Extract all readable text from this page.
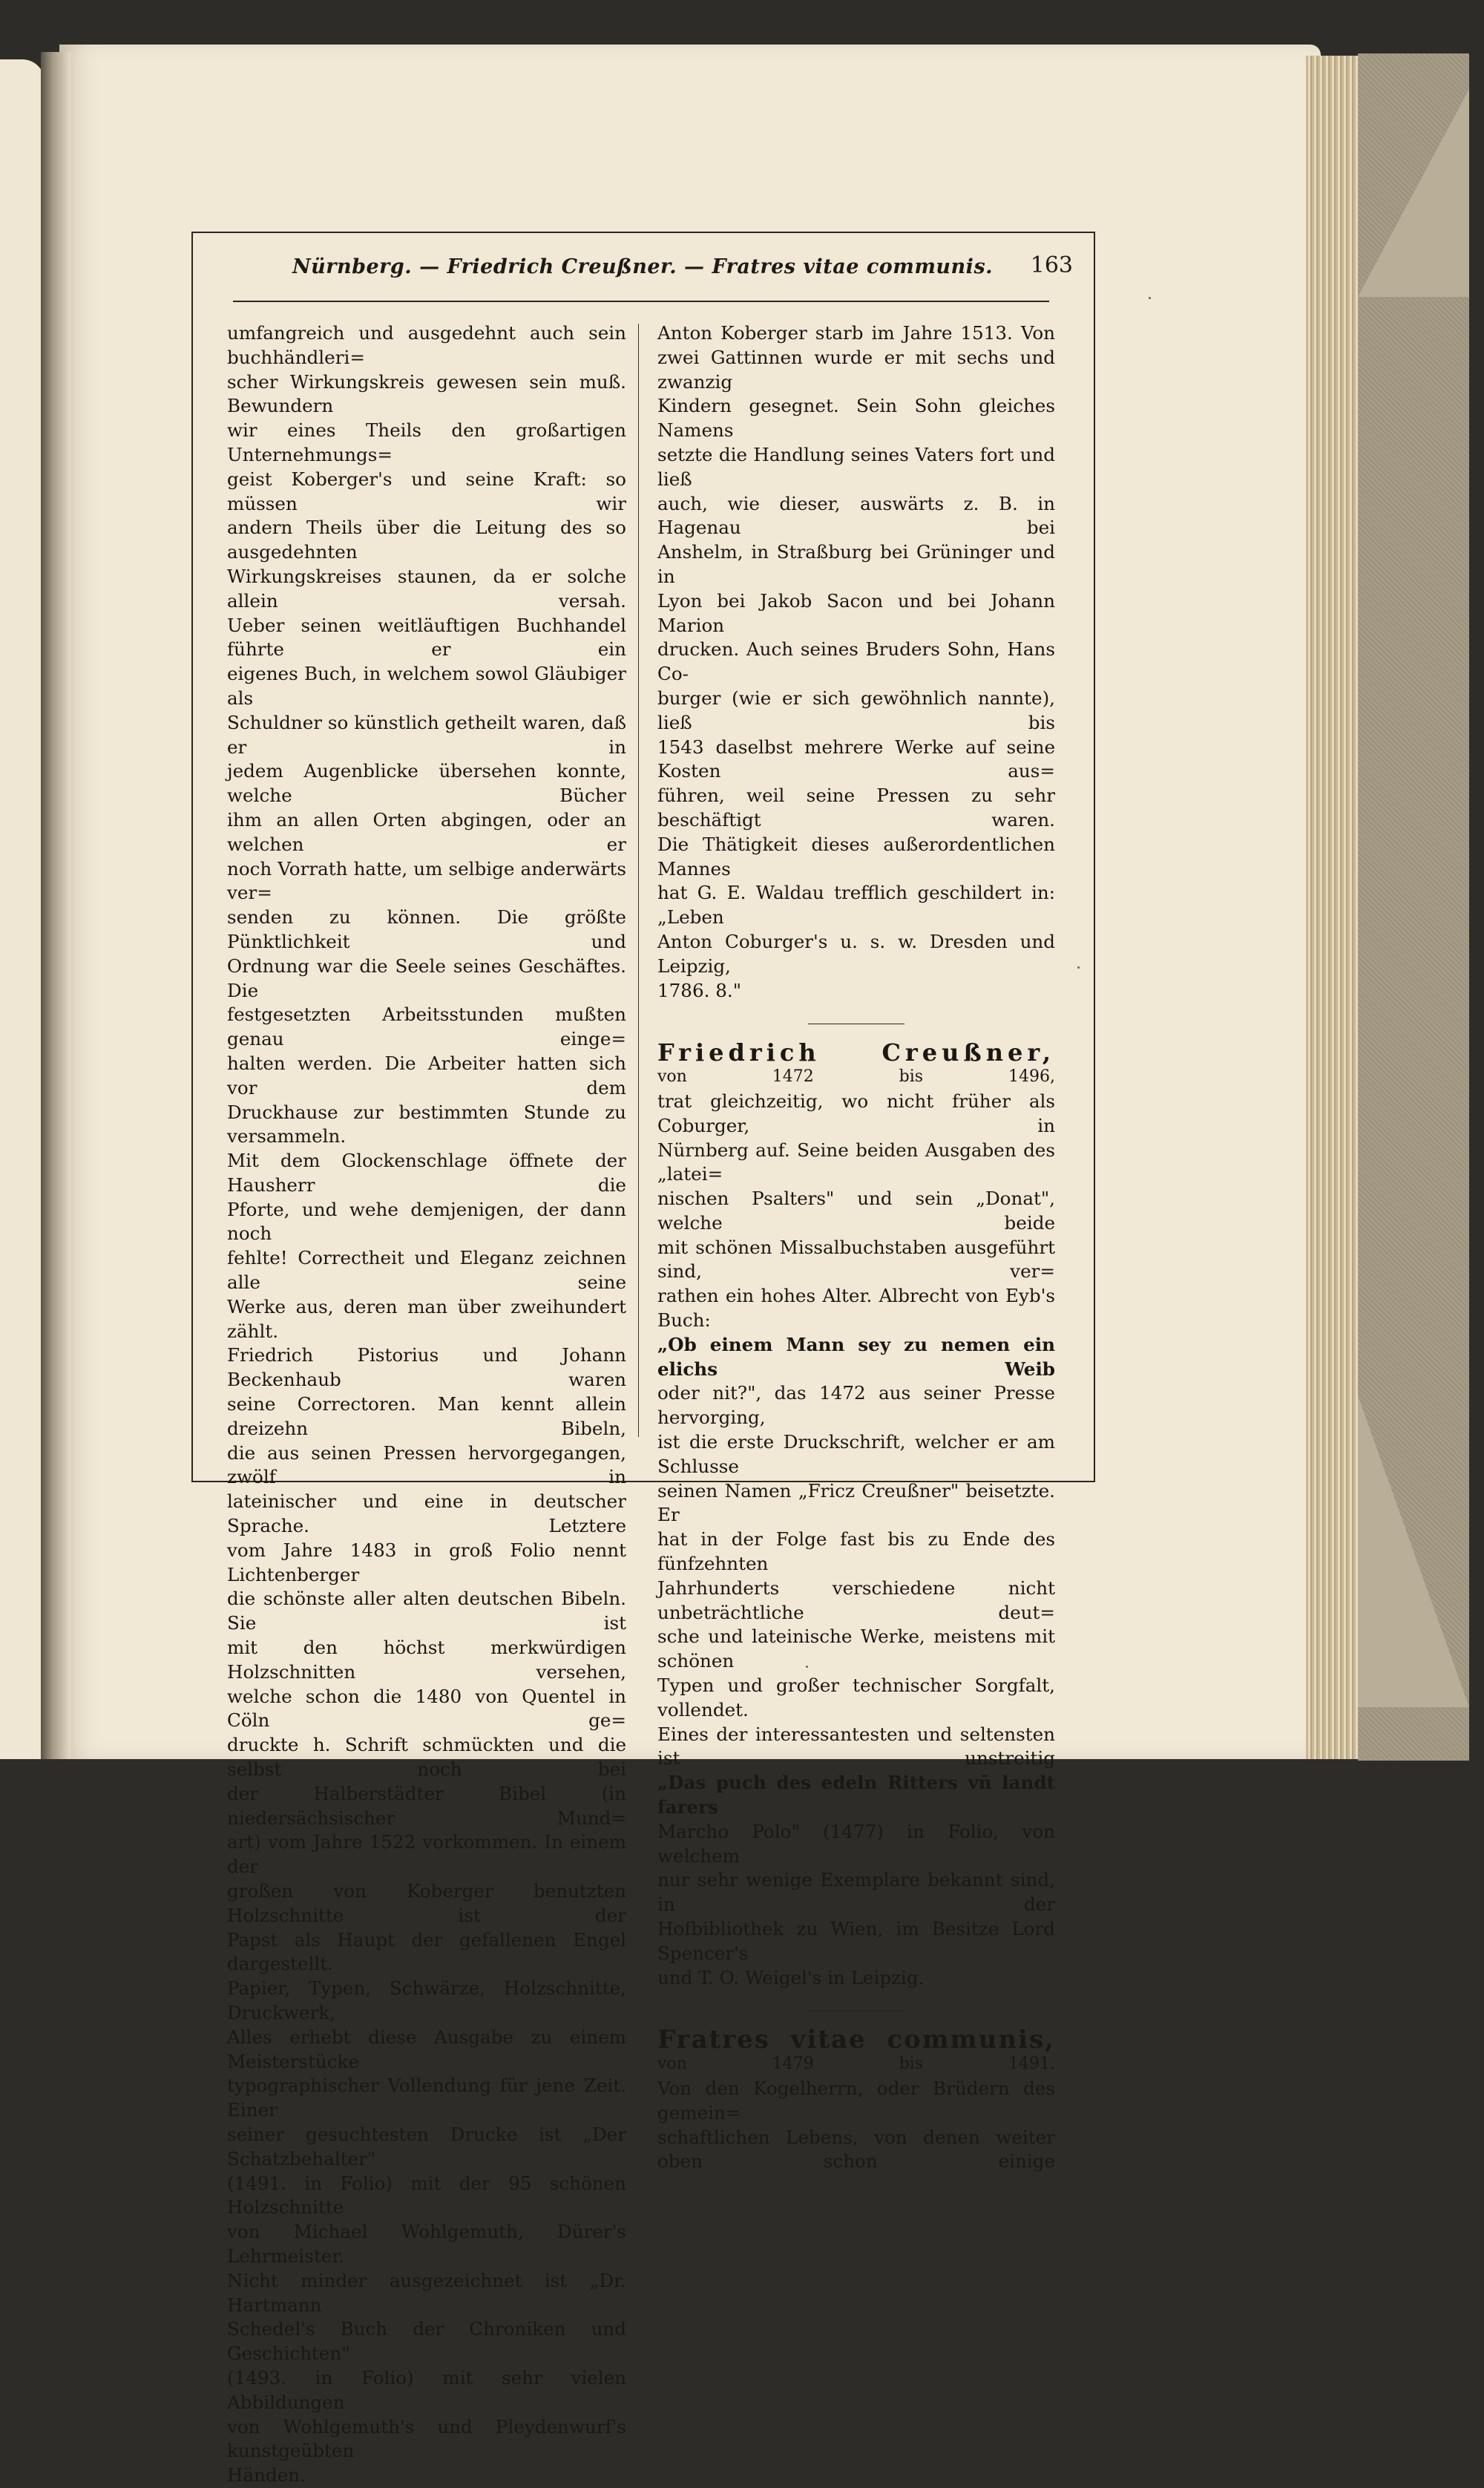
Nürnberg. — Friedrich Creußner. — Fratres vitae communis.	163

umfangreich und ausgedehnt auch sein buchhändleri=

scher Wirkungskreis gewesen sein muß. Bewundern

wir eines Theils den großartigen Unternehmungs=

geist Koberger's und seine Kraft: so müssen wir

andern Theils über die Leitung des so ausgedehnten

Wirkungskreises staunen, da er solche allein versah.

Ueber seinen weitläuftigen Buchhandel führte er ein

eigenes Buch, in welchem sowol Gläubiger als

Schuldner so künstlich getheilt waren, daß er in

jedem Augenblicke übersehen konnte, welche Bücher

ihm an allen Orten abgingen, oder an welchen er

noch Vorrath hatte, um selbige anderwärts ver=

senden zu können. Die größte Pünktlichkeit und

Ordnung war die Seele seines Geschäftes. Die

festgesetzten Arbeitsstunden mußten genau einge=

halten werden. Die Arbeiter hatten sich vor dem

Druckhause zur bestimmten Stunde zu versammeln.

Mit dem Glockenschlage öffnete der Hausherr die

Pforte, und wehe demjenigen, der dann noch

fehlte! Correctheit und Eleganz zeichnen alle seine

Werke aus, deren man über zweihundert zählt.

Friedrich Pistorius und Johann Beckenhaub waren

seine Correctoren. Man kennt allein dreizehn Bibeln,

die aus seinen Pressen hervorgegangen, zwölf in

lateinischer und eine in deutscher Sprache. Letztere

vom Jahre 1483 in groß Folio nennt Lichtenberger

die schönste aller alten deutschen Bibeln. Sie ist

mit den höchst merkwürdigen Holzschnitten versehen,

welche schon die 1480 von Quentel in Cöln ge=

druckte h. Schrift schmückten und die selbst noch bei

der Halberstädter Bibel (in niedersächsischer Mund=

art) vom Jahre 1522 vorkommen. In einem der

großen von Koberger benutzten Holzschnitte ist der

Papst als Haupt der gefallenen Engel dargestellt.

Papier, Typen, Schwärze, Holzschnitte, Druckwerk,

Alles erhebt diese Ausgabe zu einem Meisterstücke

typographischer Vollendung für jene Zeit. Einer

seiner gesuchtesten Drucke ist „Der Schatzbehalter"

(1491. in Folio) mit der 95 schönen Holzschnitte

von Michael Wohlgemuth, Dürer's Lehrmeister.

Nicht minder ausgezeichnet ist „Dr. Hartmann

Schedel's Buch der Chroniken und Geschichten"

(1493. in Folio) mit sehr vielen Abbildungen

von Wohlgemuth's und Pleydenwurf's kunstgeübten

Händen.

Anton Koberger starb im Jahre 1513. Von

zwei Gattinnen wurde er mit sechs und zwanzig

Kindern gesegnet. Sein Sohn gleiches Namens

setzte die Handlung seines Vaters fort und ließ

auch, wie dieser, auswärts z. B. in Hagenau bei

Anshelm, in Straßburg bei Grüninger und in

Lyon bei Jakob Sacon und bei Johann Marion

drucken. Auch seines Bruders Sohn, Hans Co-

burger (wie er sich gewöhnlich nannte), ließ bis

1543 daselbst mehrere Werke auf seine Kosten aus=

führen, weil seine Pressen zu sehr beschäftigt waren.

Die Thätigkeit dieses außerordentlichen Mannes

hat G. E. Waldau trefflich geschildert in: „Leben

Anton Coburger's u. s. w. Dresden und Leipzig,

1786. 8."

Friedrich Creußner,

von 1472 bis 1496,

trat gleichzeitig, wo nicht früher als Coburger, in

Nürnberg auf. Seine beiden Ausgaben des „latei=

nischen Psalters" und sein „Donat", welche beide

mit schönen Missalbuchstaben ausgeführt sind, ver=

rathen ein hohes Alter. Albrecht von Eyb's Buch:

„Ob einem Mann sey zu nemen ein elichs Weib

oder nit?", das 1472 aus seiner Presse hervorging,

ist die erste Druckschrift, welcher er am Schlusse

seinen Namen „Fricz Creußner" beisetzte. Er

hat in der Folge fast bis zu Ende des fünfzehnten

Jahrhunderts verschiedene nicht unbeträchtliche deut=

sche und lateinische Werke, meistens mit schönen

Typen und großer technischer Sorgfalt, vollendet.

Eines der interessantesten und seltensten ist unstreitig

„Das puch des edeln Ritters vñ landt farers

Marcho Polo" (1477) in Folio, von welchem

nur sehr wenige Exemplare bekannt sind, in der

Hofbibliothek zu Wien, im Besitze Lord Spencer's

und T. O. Weigel's in Leipzig.

Fratres vitae communis,

von 1479 bis 1491.

Von den Kogelherrn, oder Brüdern des gemein=

schaftlichen Lebens, von denen weiter oben schon einige
